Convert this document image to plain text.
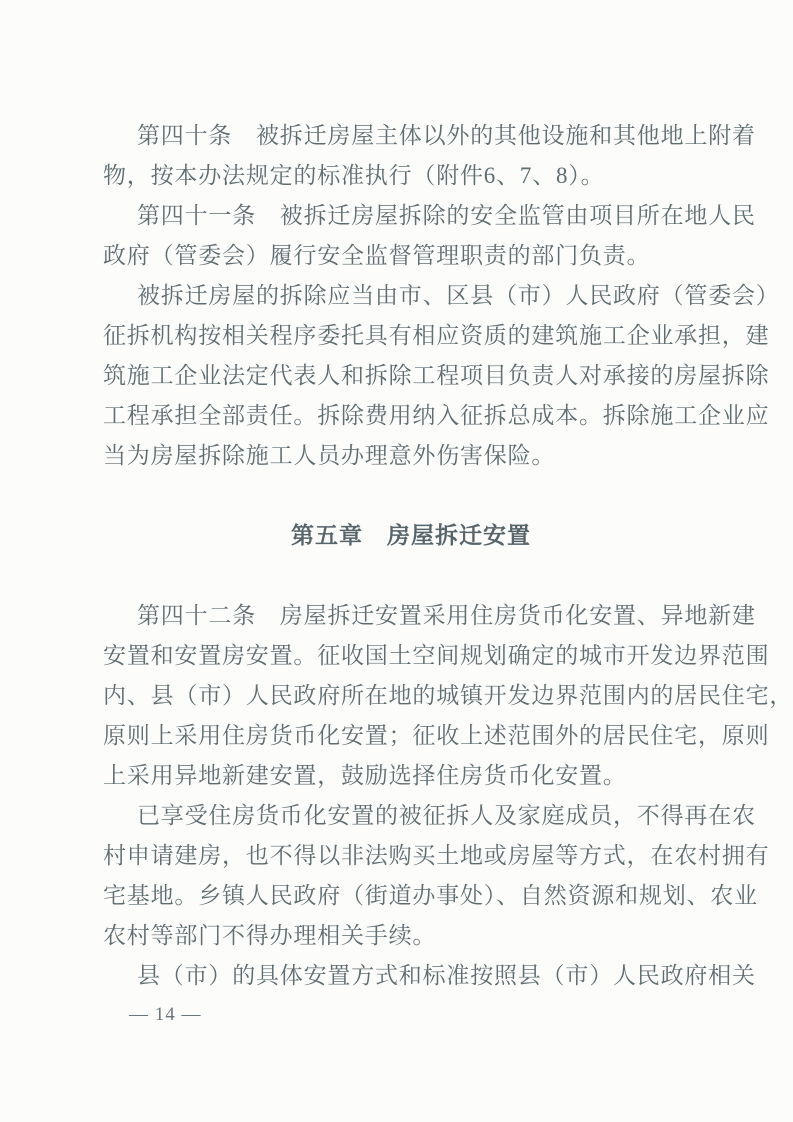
第四十条　被拆迁房屋主体以外的其他设施和其他地上附着
物，按本办法规定的标准执行（附件6、7、8）。
第四十一条　被拆迁房屋拆除的安全监管由项目所在地人民
政府（管委会）履行安全监督管理职责的部门负责。
被拆迁房屋的拆除应当由市、区县（市）人民政府（管委会）
征拆机构按相关程序委托具有相应资质的建筑施工企业承担，建
筑施工企业法定代表人和拆除工程项目负责人对承接的房屋拆除
工程承担全部责任。拆除费用纳入征拆总成本。拆除施工企业应
当为房屋拆除施工人员办理意外伤害保险。
第五章　房屋拆迁安置
第四十二条　房屋拆迁安置采用住房货币化安置、异地新建
安置和安置房安置。征收国土空间规划确定的城市开发边界范围
内、县（市）人民政府所在地的城镇开发边界范围内的居民住宅，
原则上采用住房货币化安置；征收上述范围外的居民住宅，原则
上采用异地新建安置，鼓励选择住房货币化安置。
已享受住房货币化安置的被征拆人及家庭成员，不得再在农
村申请建房，也不得以非法购买土地或房屋等方式，在农村拥有
宅基地。乡镇人民政府（街道办事处）、自然资源和规划、农业
农村等部门不得办理相关手续。
县（市）的具体安置方式和标准按照县（市）人民政府相关
— 14 —
